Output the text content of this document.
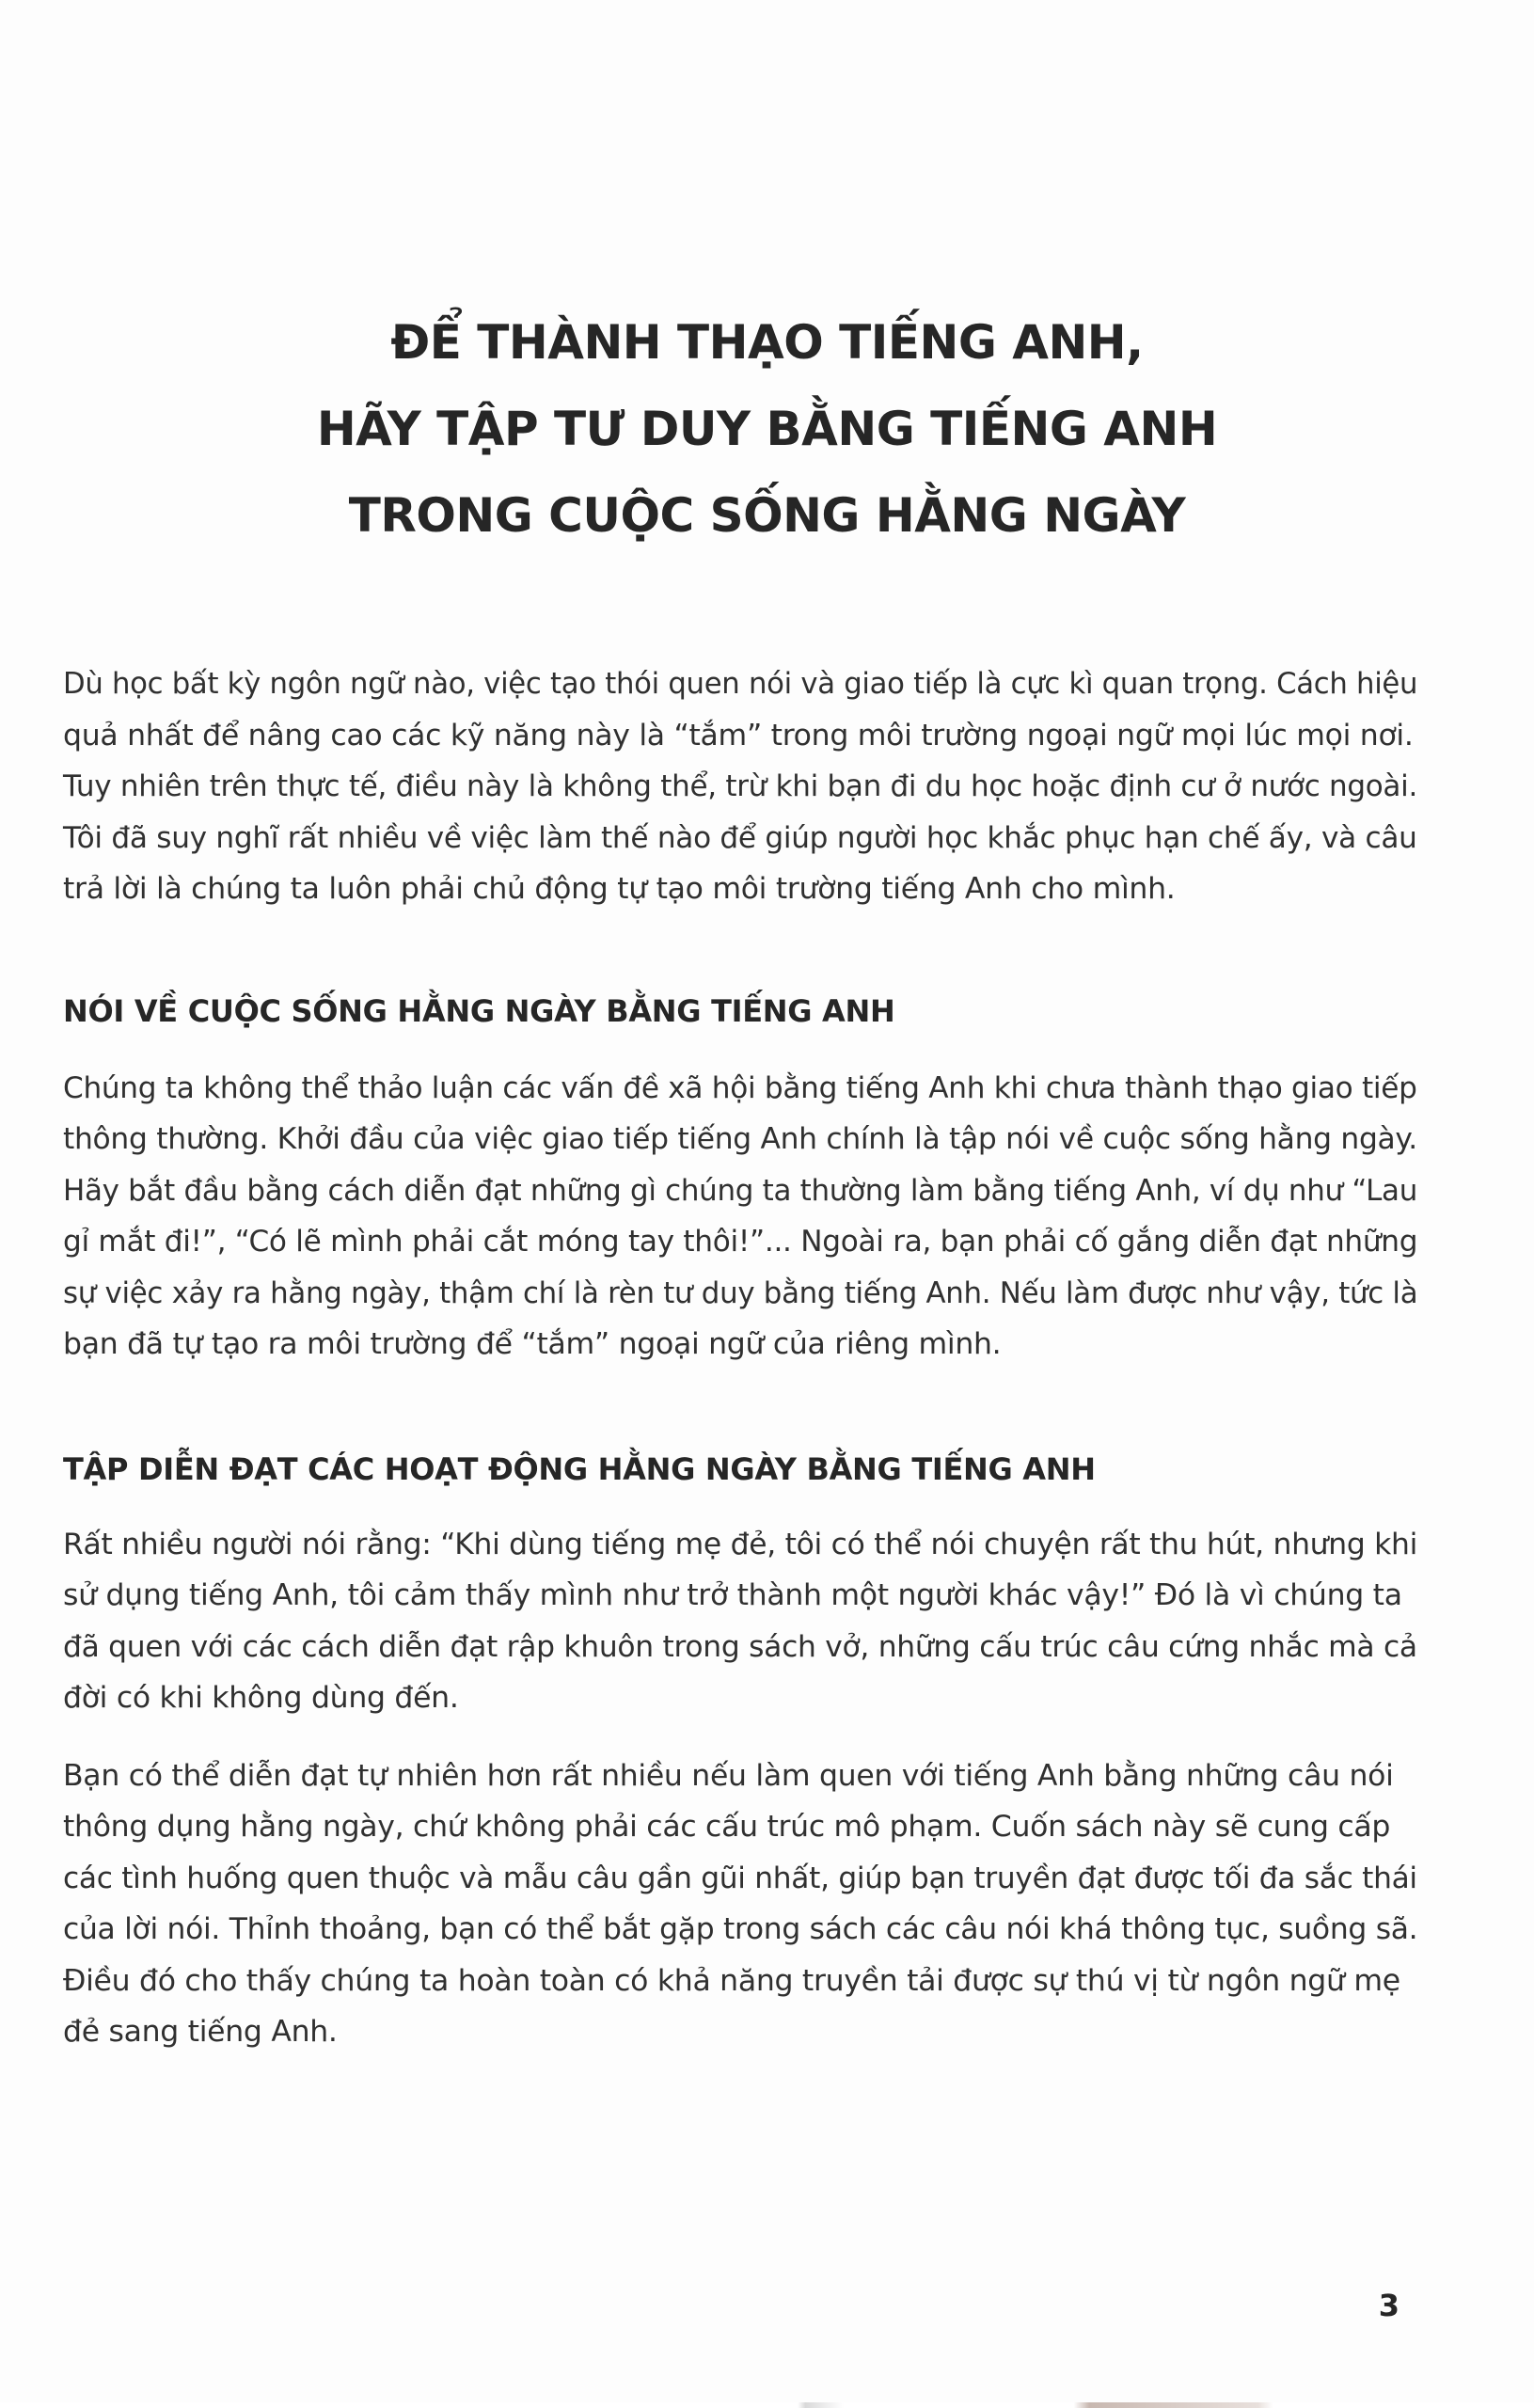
ĐỂ THÀNH THẠO TIẾNG ANH,
HÃY TẬP TƯ DUY BẰNG TIẾNG ANH
TRONG CUỘC SỐNG HẰNG NGÀY

Dù học bất kỳ ngôn ngữ nào, việc tạo thói quen nói và giao tiếp là cực kì quan trọng. Cách hiệu
quả nhất để nâng cao các kỹ năng này là “tắm” trong môi trường ngoại ngữ mọi lúc mọi nơi.
Tuy nhiên trên thực tế, điều này là không thể, trừ khi bạn đi du học hoặc định cư ở nước ngoài.
Tôi đã suy nghĩ rất nhiều về việc làm thế nào để giúp người học khắc phục hạn chế ấy, và câu
trả lời là chúng ta luôn phải chủ động tự tạo môi trường tiếng Anh cho mình.

NÓI VỀ CUỘC SỐNG HẰNG NGÀY BẰNG TIẾNG ANH

Chúng ta không thể thảo luận các vấn đề xã hội bằng tiếng Anh khi chưa thành thạo giao tiếp
thông thường. Khởi đầu của việc giao tiếp tiếng Anh chính là tập nói về cuộc sống hằng ngày.
Hãy bắt đầu bằng cách diễn đạt những gì chúng ta thường làm bằng tiếng Anh, ví dụ như “Lau
gỉ mắt đi!”, “Có lẽ mình phải cắt móng tay thôi!”... Ngoài ra, bạn phải cố gắng diễn đạt những
sự việc xảy ra hằng ngày, thậm chí là rèn tư duy bằng tiếng Anh. Nếu làm được như vậy, tức là
bạn đã tự tạo ra môi trường để “tắm” ngoại ngữ của riêng mình.

TẬP DIỄN ĐẠT CÁC HOẠT ĐỘNG HẰNG NGÀY BẰNG TIẾNG ANH

Rất nhiều người nói rằng: “Khi dùng tiếng mẹ đẻ, tôi có thể nói chuyện rất thu hút, nhưng khi
sử dụng tiếng Anh, tôi cảm thấy mình như trở thành một người khác vậy!” Đó là vì chúng ta
đã quen với các cách diễn đạt rập khuôn trong sách vở, những cấu trúc câu cứng nhắc mà cả
đời có khi không dùng đến.

Bạn có thể diễn đạt tự nhiên hơn rất nhiều nếu làm quen với tiếng Anh bằng những câu nói
thông dụng hằng ngày, chứ không phải các cấu trúc mô phạm. Cuốn sách này sẽ cung cấp
các tình huống quen thuộc và mẫu câu gần gũi nhất, giúp bạn truyền đạt được tối đa sắc thái
của lời nói. Thỉnh thoảng, bạn có thể bắt gặp trong sách các câu nói khá thông tục, suồng sã.
Điều đó cho thấy chúng ta hoàn toàn có khả năng truyền tải được sự thú vị từ ngôn ngữ mẹ
đẻ sang tiếng Anh.

3
